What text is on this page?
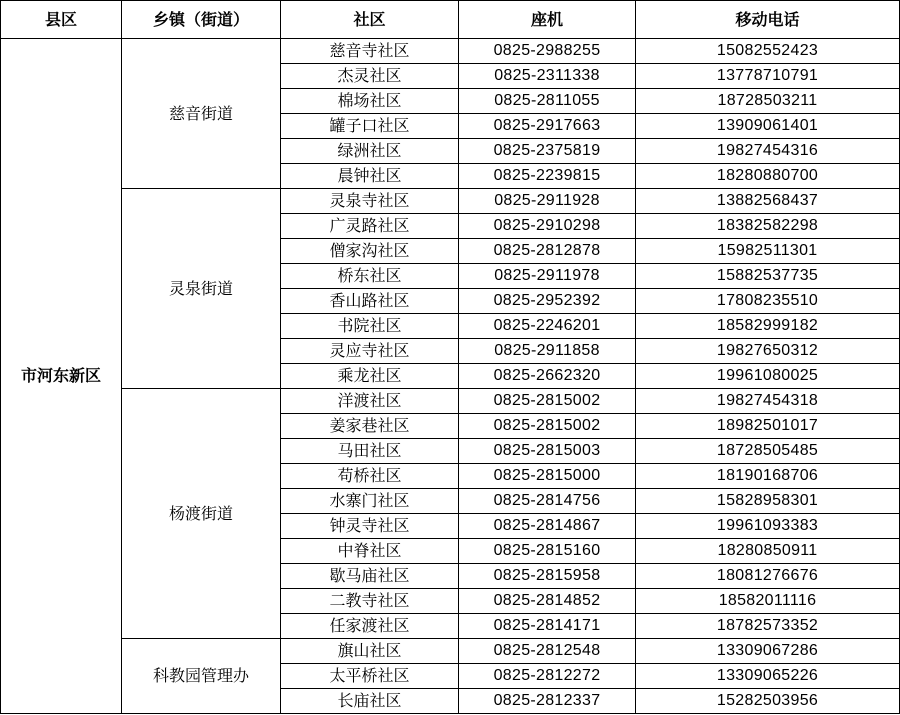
县区	乡镇（街道）	社区	座机	移动电话
市河东新区	慈音街道	慈音寺社区	0825-2988255	15082552423
		杰灵社区	0825-2311338	13778710791
		棉场社区	0825-2811055	18728503211
		罐子口社区	0825-2917663	13909061401
		绿洲社区	0825-2375819	19827454316
		晨钟社区	0825-2239815	18280880700
	灵泉街道	灵泉寺社区	0825-2911928	13882568437
		广灵路社区	0825-2910298	18382582298
		僧家沟社区	0825-2812878	15982511301
		桥东社区	0825-2911978	15882537735
		香山路社区	0825-2952392	17808235510
		书院社区	0825-2246201	18582999182
		灵应寺社区	0825-2911858	19827650312
		乘龙社区	0825-2662320	19961080025
	杨渡街道	洋渡社区	0825-2815002	19827454318
		姜家巷社区	0825-2815002	18982501017
		马田社区	0825-2815003	18728505485
		苟桥社区	0825-2815000	18190168706
		水寨门社区	0825-2814756	15828958301
		钟灵寺社区	0825-2814867	19961093383
		中脊社区	0825-2815160	18280850911
		歇马庙社区	0825-2815958	18081276676
		二教寺社区	0825-2814852	18582011116
		任家渡社区	0825-2814171	18782573352
	科教园管理办	旗山社区	0825-2812548	13309067286
		太平桥社区	0825-2812272	13309065226
		长庙社区	0825-2812337	15282503956
